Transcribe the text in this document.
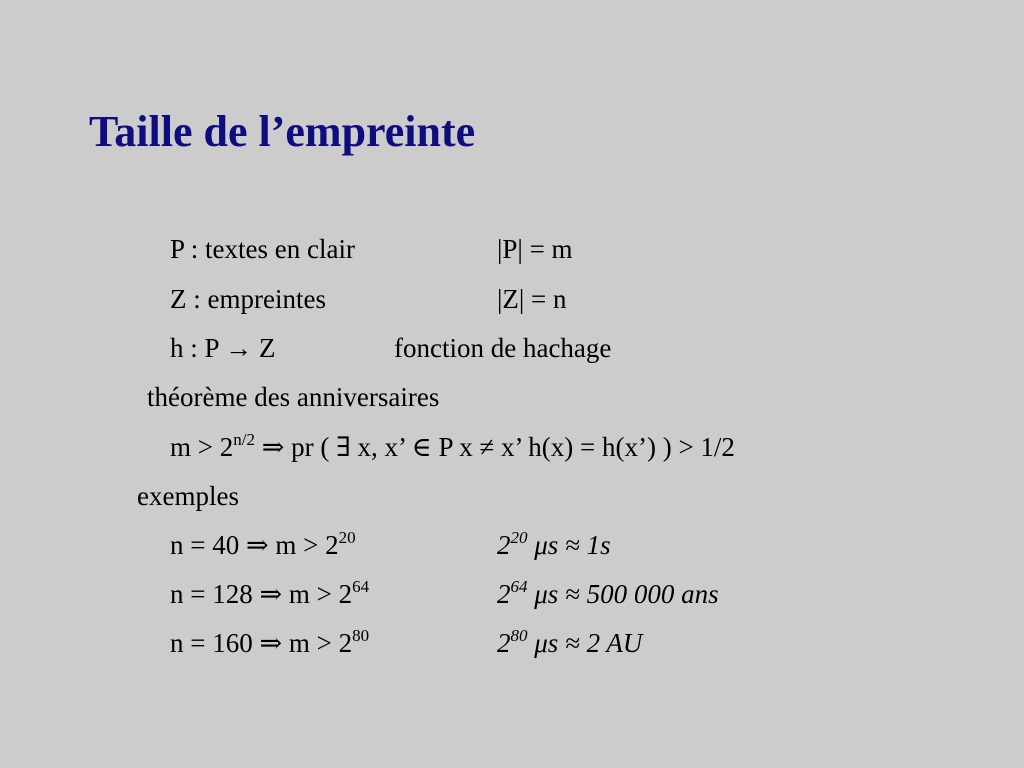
Taille de l’empreinte
P : textes en clair	|P| = m
Z : empreintes	|Z| = n
h : P → Z	fonction de hachage
théorème des anniversaires
$m > 2^{n/2}$ ⇒ pr ( ∃ x, x’ ∈ P x ≠ x’ h(x) = h(x’) ) > 1/2
exemples
n = 40 ⇒ $m > 2^{20}$	$2^{20}$ μs ≈ 1s
n = 128 ⇒ $m > 2^{64}$	$2^{64}$ μs ≈ 500 000 ans
n = 160 ⇒ $m > 2^{80}$	$2^{80}$ μs ≈ 2 AU
